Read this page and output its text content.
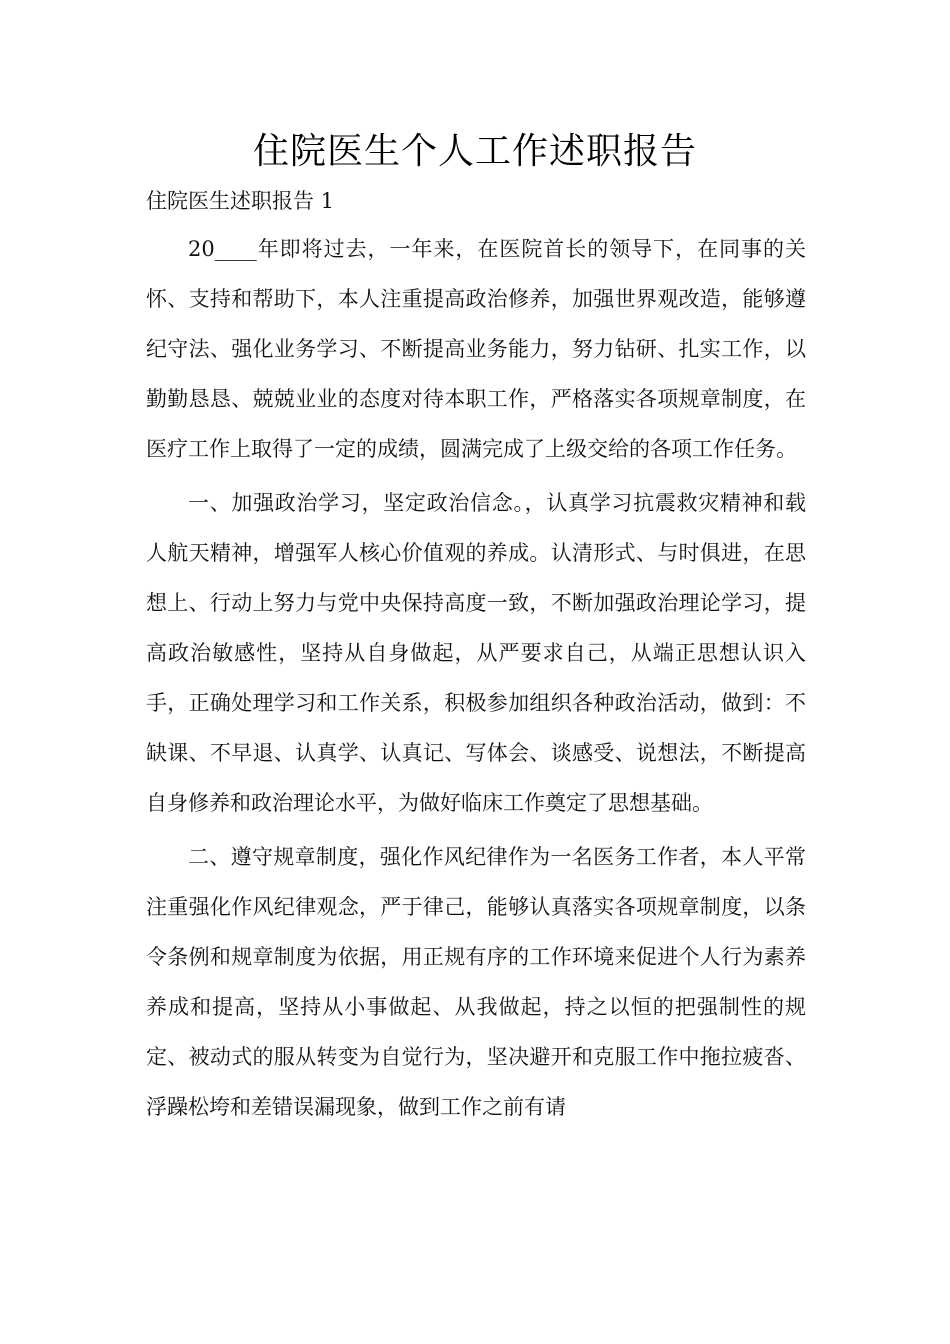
住院医生个人工作述职报告

住院医生述职报告 1

20____年即将过去，一年来，在医院首长的领导下，在同事的关怀、支持和帮助下，本人注重提高政治修养，加强世界观改造，能够遵纪守法、强化业务学习、不断提高业务能力，努力钻研、扎实工作，以勤勤恳恳、兢兢业业的态度对待本职工作，严格落实各项规章制度，在医疗工作上取得了一定的成绩，圆满完成了上级交给的各项工作任务。

一、加强政治学习，坚定政治信念。，认真学习抗震救灾精神和载人航天精神，增强军人核心价值观的养成。认清形式、与时俱进，在思想上、行动上努力与党中央保持高度一致，不断加强政治理论学习，提高政治敏感性，坚持从自身做起，从严要求自己，从端正思想认识入手，正确处理学习和工作关系，积极参加组织各种政治活动，做到：不缺课、不早退、认真学、认真记、写体会、谈感受、说想法，不断提高自身修养和政治理论水平，为做好临床工作奠定了思想基础。

二、遵守规章制度，强化作风纪律作为一名医务工作者，本人平常注重强化作风纪律观念，严于律己，能够认真落实各项规章制度，以条令条例和规章制度为依据，用正规有序的工作环境来促进个人行为素养养成和提高，坚持从小事做起、从我做起，持之以恒的把强制性的规定、被动式的服从转变为自觉行为，坚决避开和克服工作中拖拉疲沓、浮躁松垮和差错误漏现象，做到工作之前有请
